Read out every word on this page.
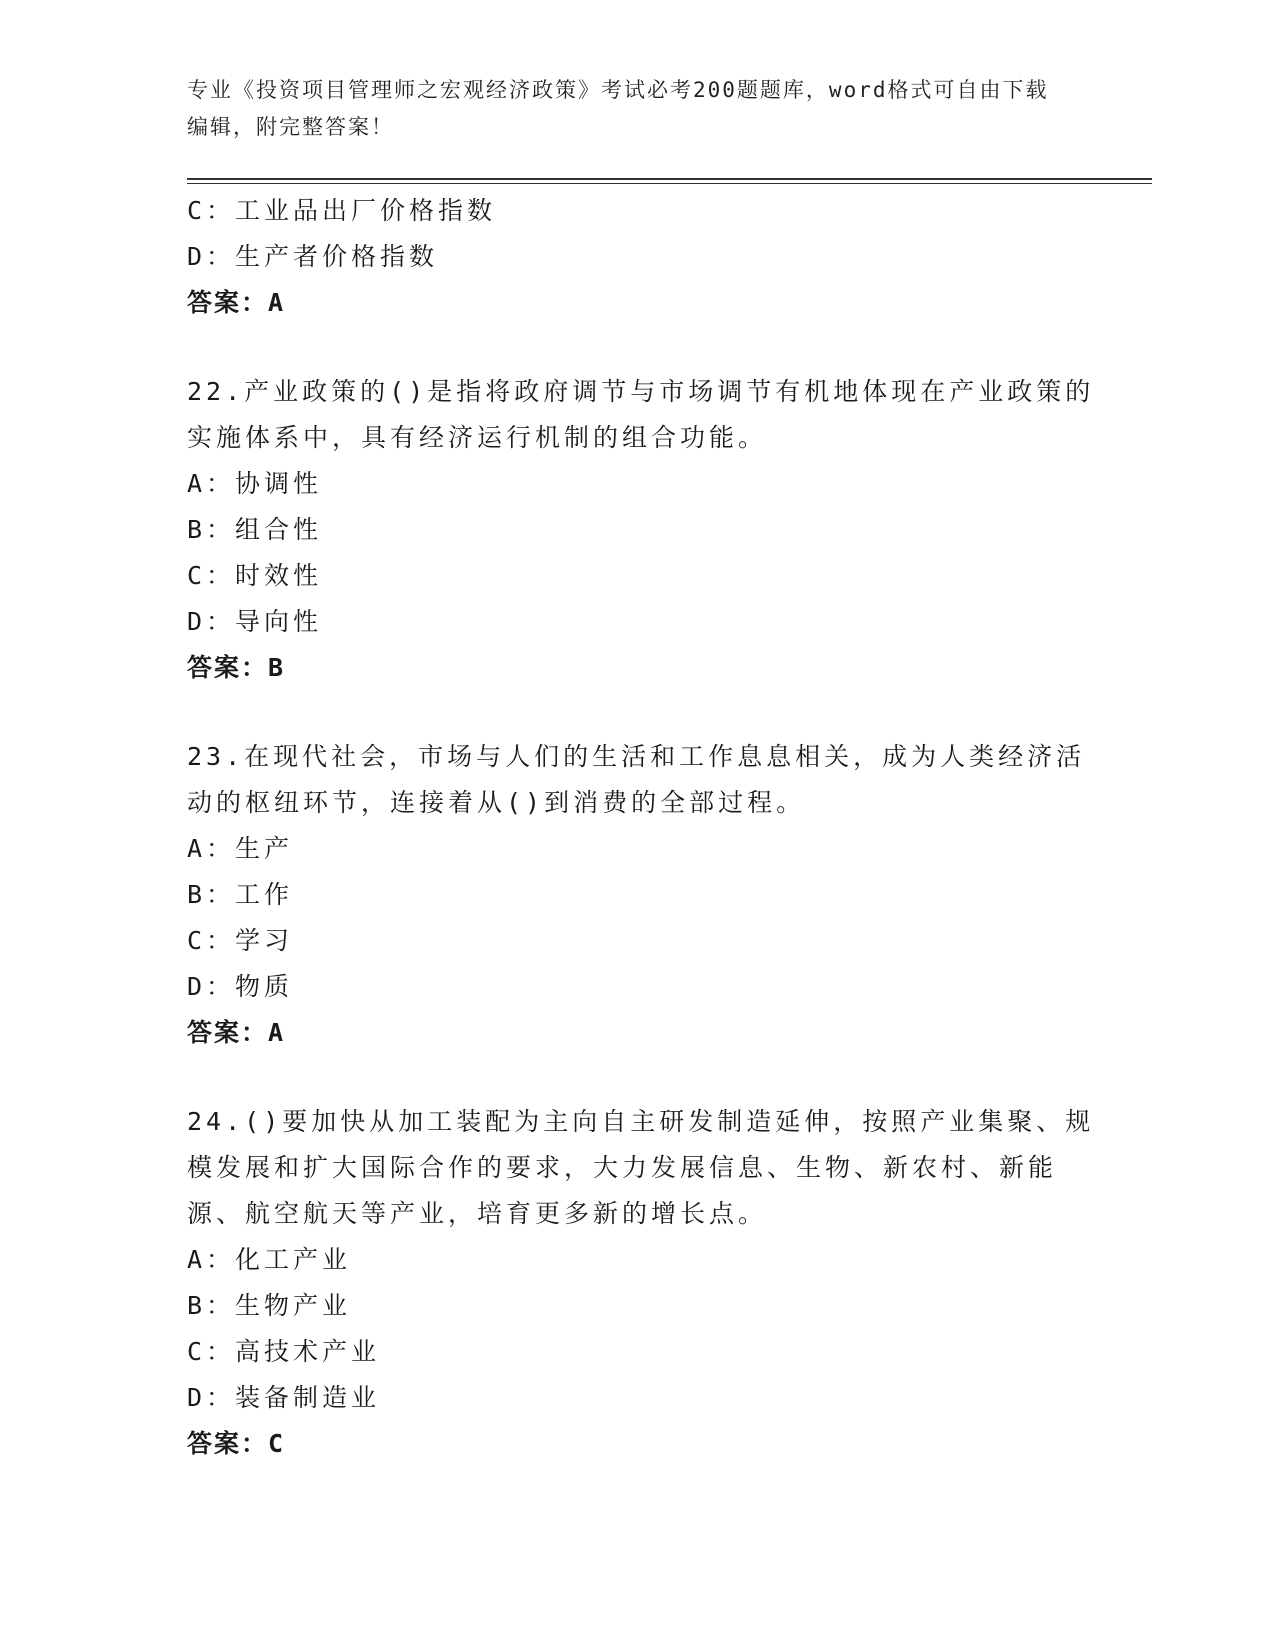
专业《投资项目管理师之宏观经济政策》考试必考200题题库，word格式可自由下载编辑，附完整答案！

C：工业品出厂价格指数

D：生产者价格指数

答案：A

22.产业政策的()是指将政府调节与市场调节有机地体现在产业政策的

实施体系中，具有经济运行机制的组合功能。

A：协调性

B：组合性

C：时效性

D：导向性

答案：B

23.在现代社会，市场与人们的生活和工作息息相关，成为人类经济活

动的枢纽环节，连接着从()到消费的全部过程。

A：生产

B：工作

C：学习

D：物质

答案：A

24.()要加快从加工装配为主向自主研发制造延伸，按照产业集聚、规

模发展和扩大国际合作的要求，大力发展信息、生物、新农村、新能

源、航空航天等产业，培育更多新的增长点。

A：化工产业

B：生物产业

C：高技术产业

D：装备制造业

答案：C
